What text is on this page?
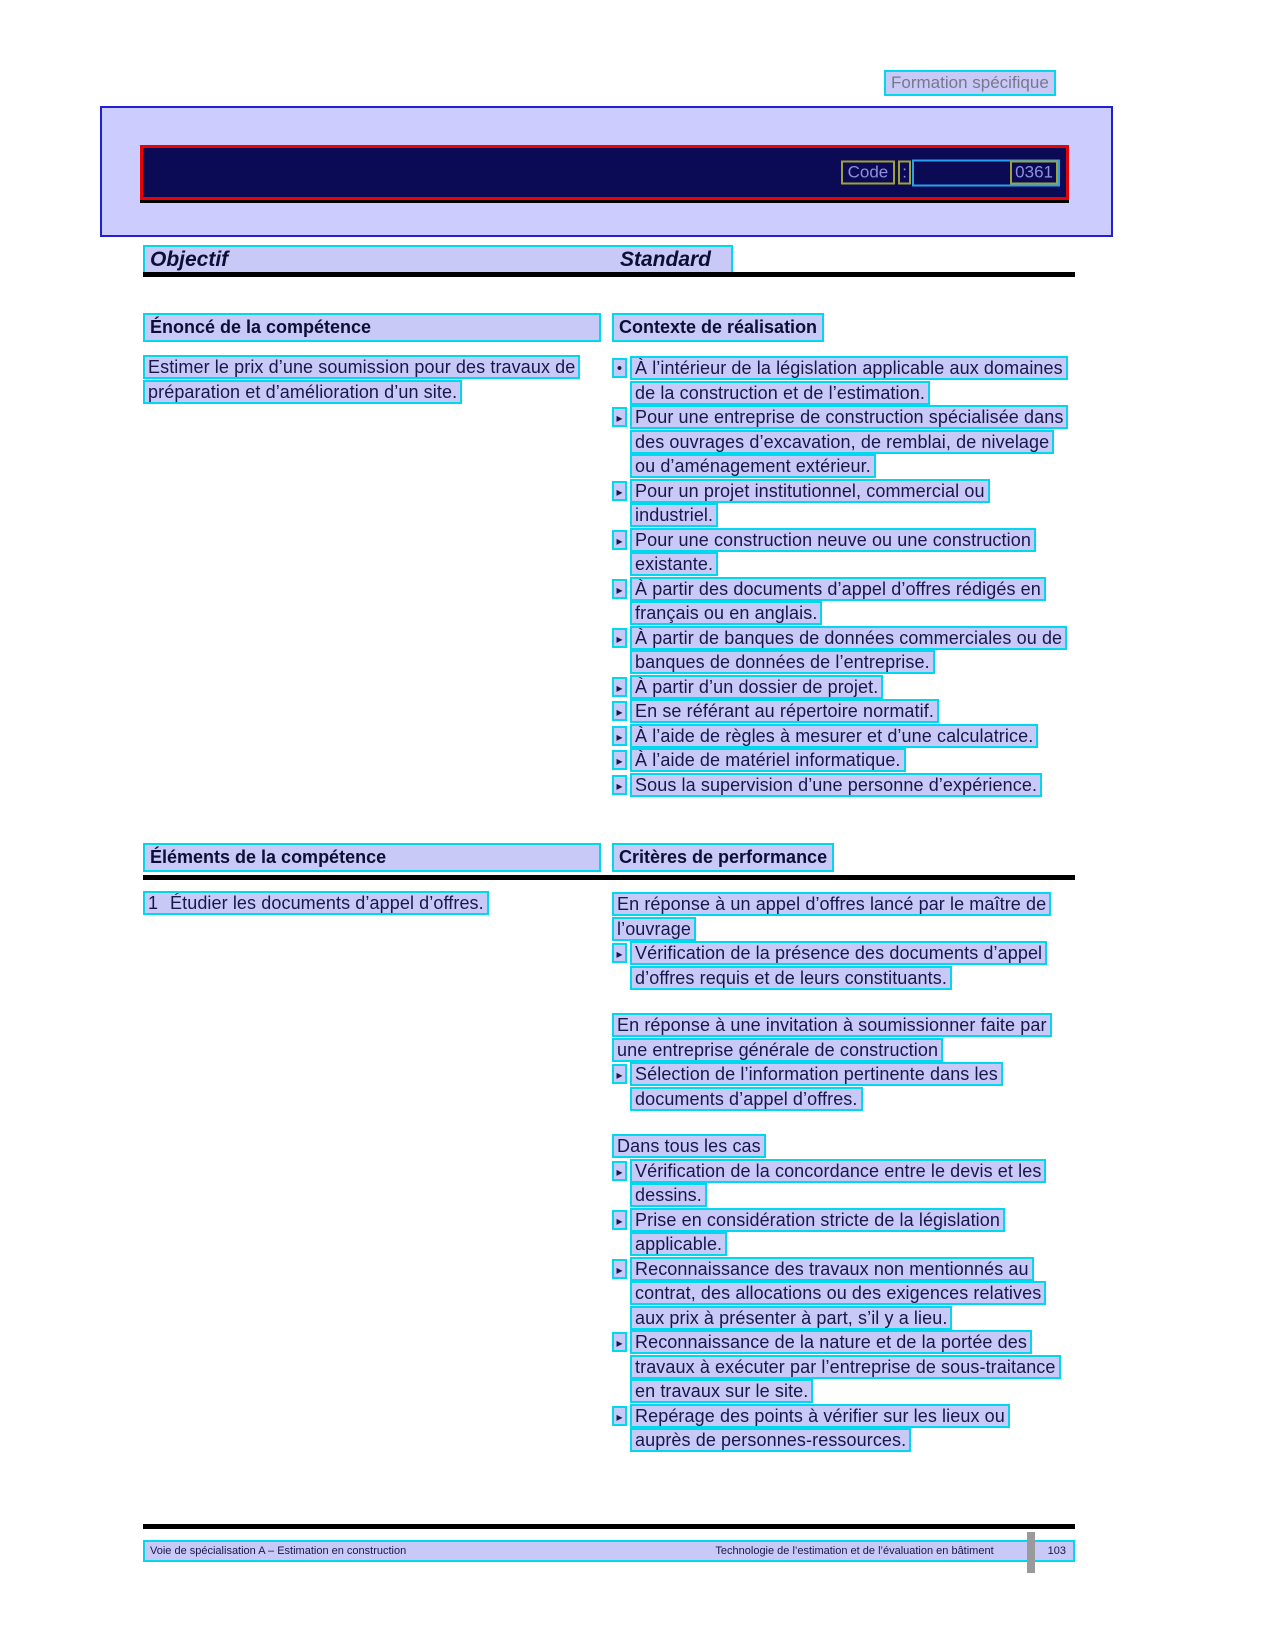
Formation spécifique
Code :	0361
Objectif	Standard
Énoncé de la compétence	Contexte de réalisation
Estimer le prix d’une soumission pour des travaux de préparation et d’amélioration d’un site.
• À l’intérieur de la législation applicable aux domaines de la construction et de l’estimation.
▸ Pour une entreprise de construction spécialisée dans des ouvrages d’excavation, de remblai, de nivelage ou d’aménagement extérieur.
▸ Pour un projet institutionnel, commercial ou industriel.
▸ Pour une construction neuve ou une construction existante.
▸ À partir des documents d’appel d’offres rédigés en français ou en anglais.
▸ À partir de banques de données commerciales ou de banques de données de l’entreprise.
▸ À partir d’un dossier de projet.
▸ En se référant au répertoire normatif.
▸ À l’aide de règles à mesurer et d’une calculatrice.
▸ À l’aide de matériel informatique.
▸ Sous la supervision d’une personne d’expérience.
Éléments de la compétence	Critères de performance
1 Étudier les documents d’appel d’offres.	En réponse à un appel d’offres lancé par le maître de l’ouvrage
▸ Vérification de la présence des documents d’appel d’offres requis et de leurs constituants.
En réponse à une invitation à soumissionner faite par une entreprise générale de construction
▸ Sélection de l’information pertinente dans les documents d’appel d’offres.
Dans tous les cas
▸ Vérification de la concordance entre le devis et les dessins.
▸ Prise en considération stricte de la législation applicable.
▸ Reconnaissance des travaux non mentionnés au contrat, des allocations ou des exigences relatives aux prix à présenter à part, s’il y a lieu.
▸ Reconnaissance de la nature et de la portée des travaux à exécuter par l’entreprise de sous-traitance en travaux sur le site.
▸ Repérage des points à vérifier sur les lieux ou auprès de personnes-ressources.
Voie de spécialisation A – Estimation en construction	Technologie de l’estimation et de l’évaluation en bâtiment	103
